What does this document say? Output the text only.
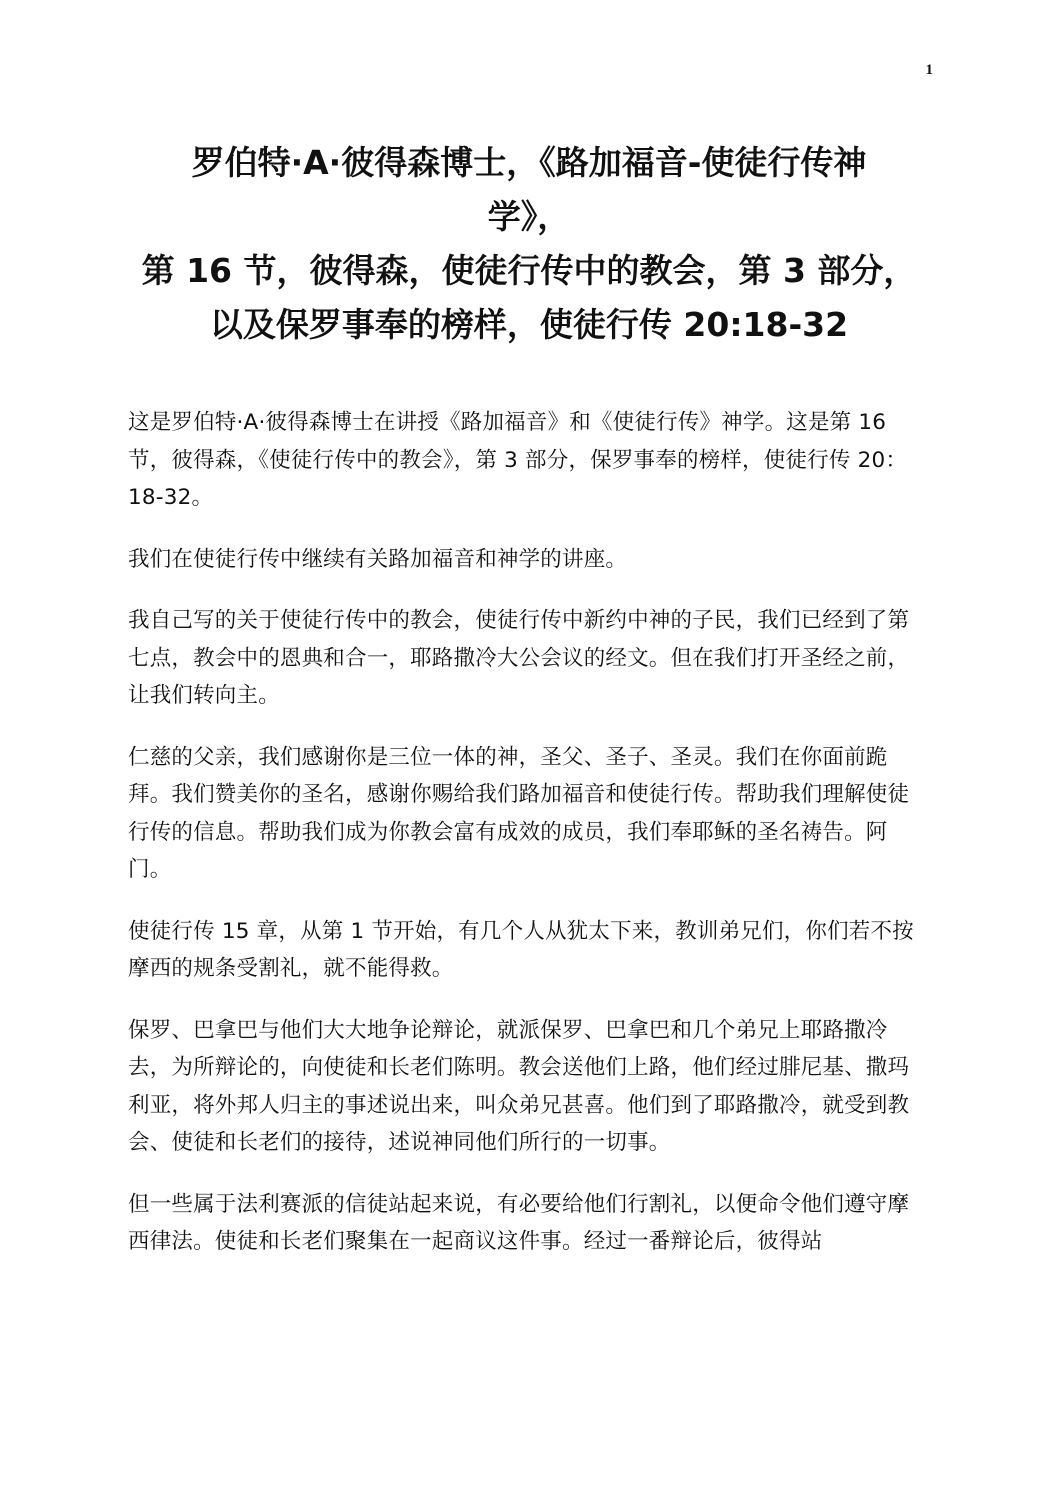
1
罗伯特·A·彼得森博士，《路加福音-使徒行传神
学》，
第 16 节，彼得森，使徒行传中的教会，第 3 部分，
以及保罗事奉的榜样，使徒行传 20:18-32

这是罗伯特·A·彼得森博士在讲授《路加福音》和《使徒行传》神学。这是第 16 节，彼得森，《使徒行传中的教会》，第 3 部分，保罗事奉的榜样，使徒行传 20：18-32。

我们在使徒行传中继续有关路加福音和神学的讲座。

我自己写的关于使徒行传中的教会，使徒行传中新约中神的子民，我们已经到了第七点，教会中的恩典和合一，耶路撒冷大公会议的经文。但在我们打开圣经之前，让我们转向主。

仁慈的父亲，我们感谢你是三位一体的神，圣父、圣子、圣灵。我们在你面前跪拜。我们赞美你的圣名，感谢你赐给我们路加福音和使徒行传。帮助我们理解使徒行传的信息。帮助我们成为你教会富有成效的成员，我们奉耶稣的圣名祷告。阿门。

使徒行传 15 章，从第 1 节开始，有几个人从犹太下来，教训弟兄们，你们若不按摩西的规条受割礼，就不能得救。

保罗、巴拿巴与他们大大地争论辩论，就派保罗、巴拿巴和几个弟兄上耶路撒冷去，为所辩论的，向使徒和长老们陈明。教会送他们上路，他们经过腓尼基、撒玛利亚，将外邦人归主的事述说出来，叫众弟兄甚喜。他们到了耶路撒冷，就受到教会、使徒和长老们的接待，述说神同他们所行的一切事。

但一些属于法利赛派的信徒站起来说，有必要给他们行割礼，以便命令他们遵守摩西律法。使徒和长老们聚集在一起商议这件事。经过一番辩论后，彼得站
